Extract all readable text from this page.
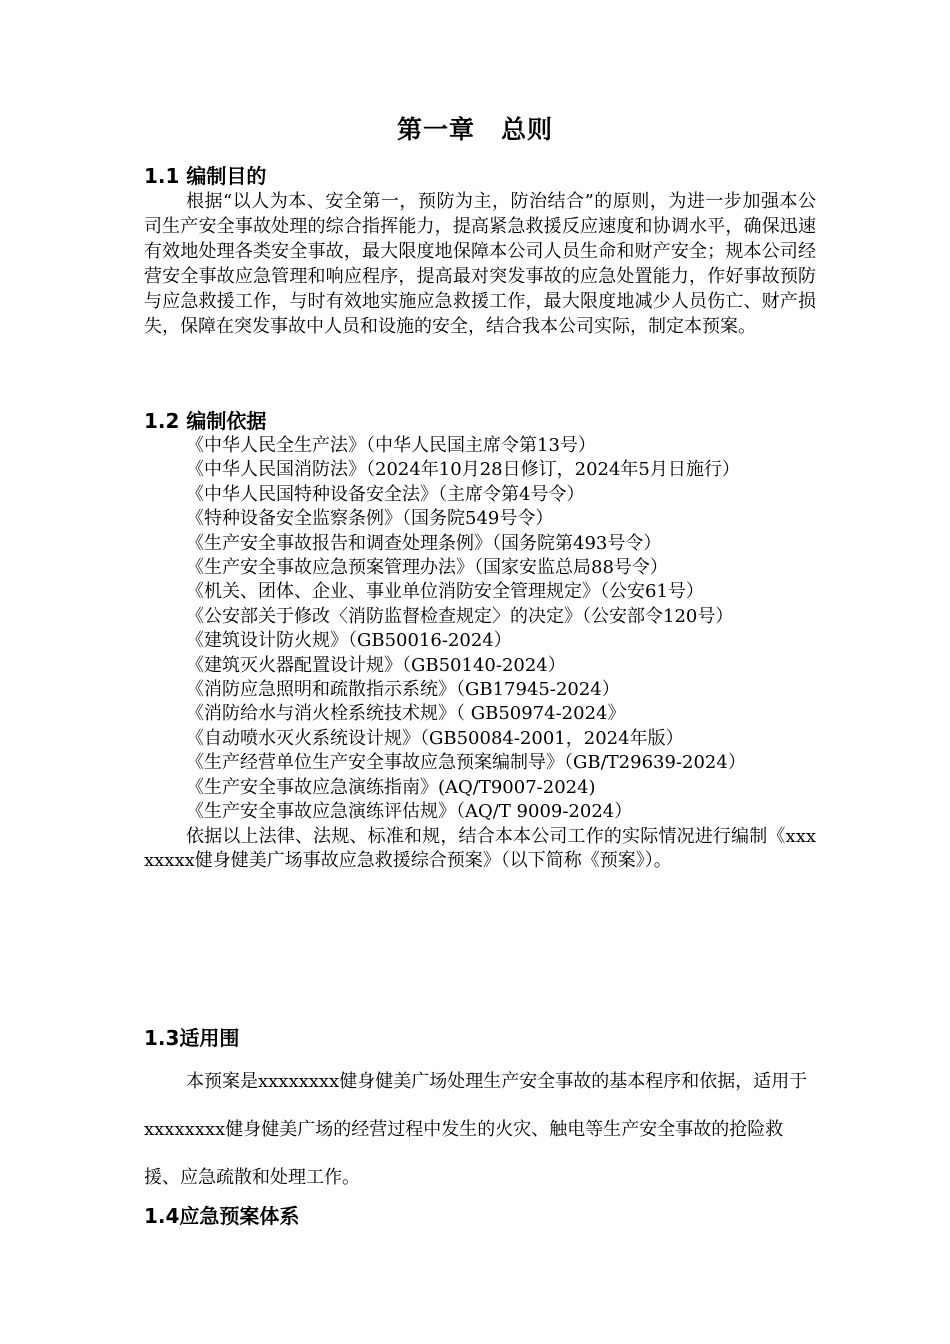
第一章　总则
1.1 编制目的
根据“以人为本、安全第一，预防为主，防治结合”的原则，为进一步加强本公司生产安全事故处理的综合指挥能力，提高紧急救援反应速度和协调水平，确保迅速有效地处理各类安全事故，最大限度地保障本公司人员生命和财产安全；规本公司经营安全事故应急管理和响应程序，提高最对突发事故的应急处置能力，作好事故预防与应急救援工作，与时有效地实施应急救援工作，最大限度地减少人员伤亡、财产损失，保障在突发事故中人员和设施的安全，结合我本公司实际，制定本预案。
1.2 编制依据
《中华人民全生产法》（中华人民国主席令第13号）
《中华人民国消防法》（2024年10月28日修订，2024年5月日施行）
《中华人民国特种设备安全法》（主席令第4号令）
《特种设备安全监察条例》（国务院549号令）
《生产安全事故报告和调查处理条例》（国务院第493号令）
《生产安全事故应急预案管理办法》（国家安监总局88号令）
《机关、团体、企业、事业单位消防安全管理规定》（公安61号）
《公安部关于修改〈消防监督检查规定〉的决定》（公安部令120号）
《建筑设计防火规》（GB50016-2024）
《建筑灭火器配置设计规》（GB50140-2024）
《消防应急照明和疏散指示系统》（GB17945-2024）
《消防给水与消火栓系统技术规》（ GB50974-2024》
《自动喷水灭火系统设计规》（GB50084-2001，2024年版）
《生产经营单位生产安全事故应急预案编制导》（GB/T29639-2024）
《生产安全事故应急演练指南》(AQ/T9007-2024)
《生产安全事故应急演练评估规》（AQ/T 9009-2024）
依据以上法律、法规、标准和规，结合本本公司工作的实际情况进行编制《xxxxxxxx健身健美广场事故应急救援综合预案》（以下简称《预案》）。
1.3适用围
本预案是xxxxxxxx健身健美广场处理生产安全事故的基本程序和依据，适用于xxxxxxxx健身健美广场的经营过程中发生的火灾、触电等生产安全事故的抢险救援、应急疏散和处理工作。
1.4应急预案体系
